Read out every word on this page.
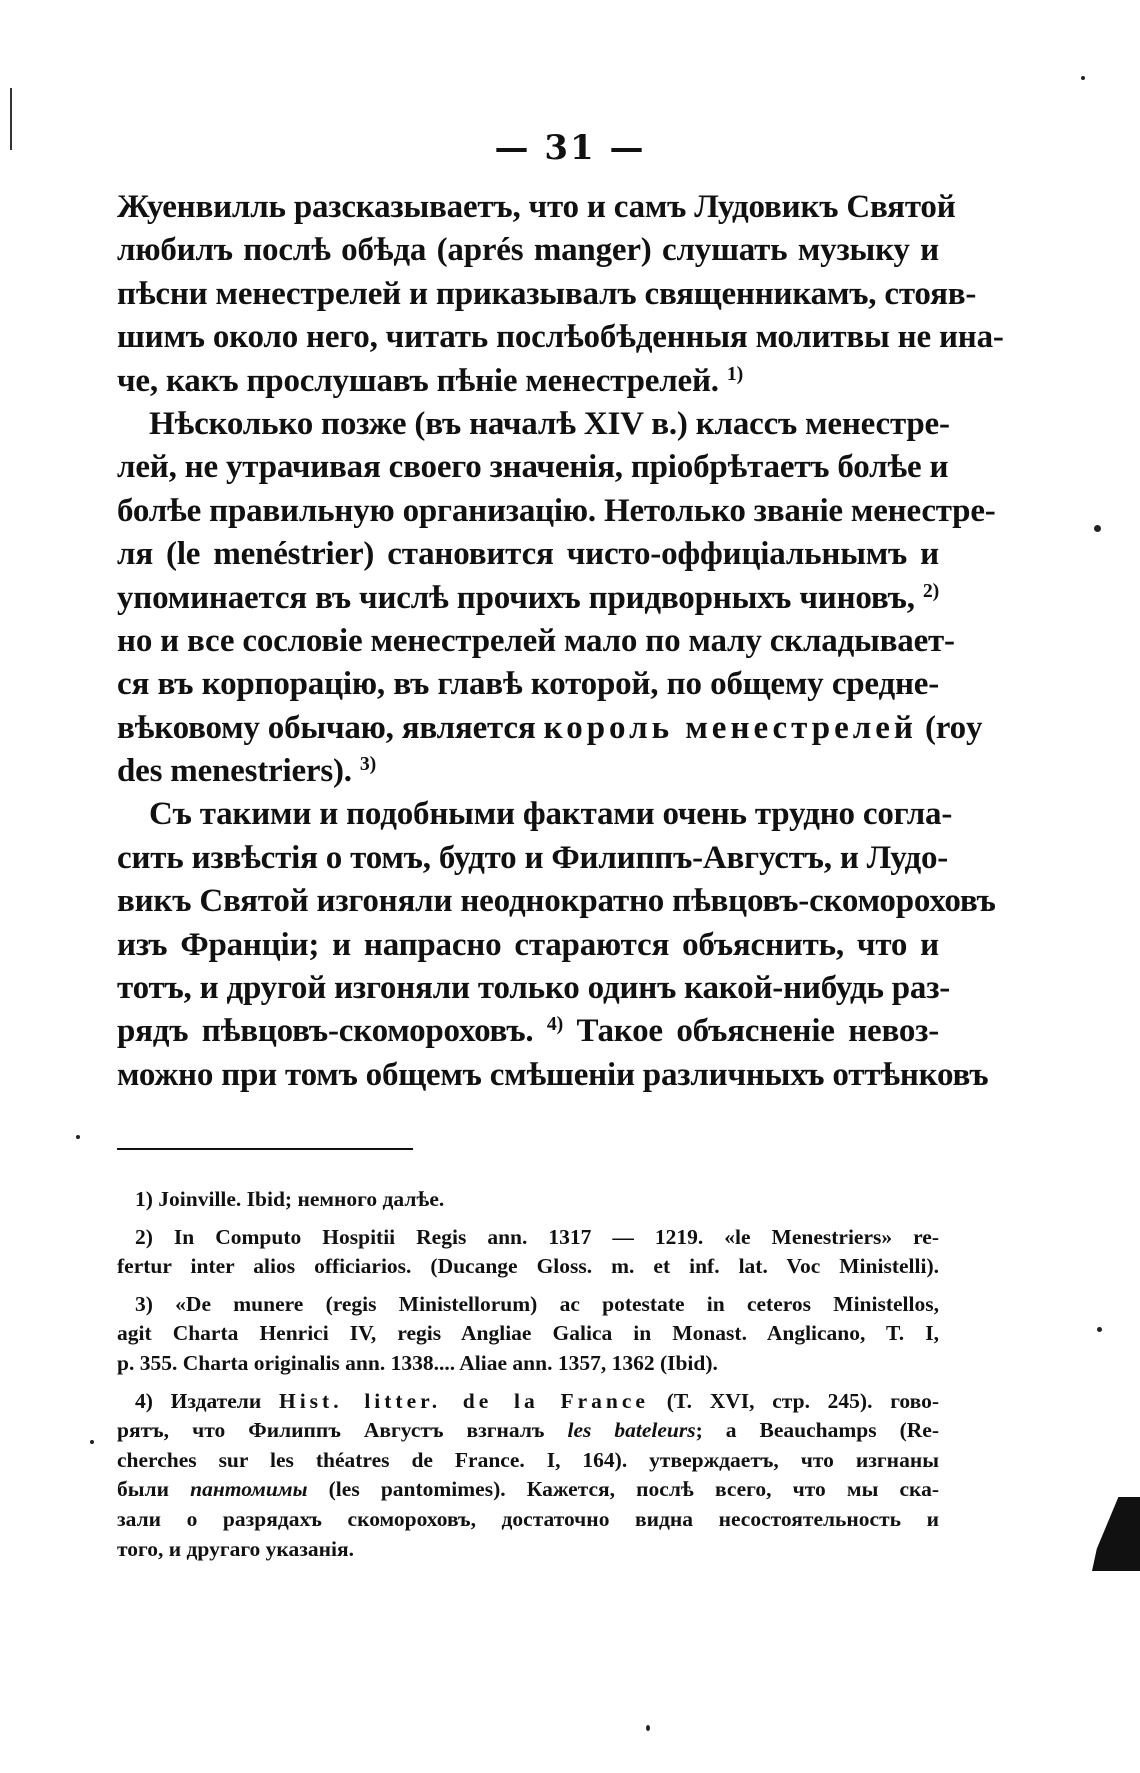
— 31 —
Жуенвилль разсказываетъ, что и самъ Лудовикъ Святой
любилъ послѣ обѣда (aprés manger) слушать музыку и
пѣсни менестрелей и приказывалъ священникамъ, стояв-
шимъ около него, читать послѣобѣденныя молитвы не ина-
че, какъ прослушавъ пѣніе менестрелей. $^{1)}$
Нѣсколько позже (въ началѣ XIV в.) классъ менестре-
лей, не утрачивая своего значенія, пріобрѣтаетъ болѣе и
болѣе правильную организацію. Нетолько званіе менестре-
ля (le menéstrier) становится чисто-оффиціальнымъ и
упоминается въ числѣ прочихъ придворныхъ чиновъ, $^{2)}$
но и все сословіе менестрелей мало по малу складывает-
ся въ корпорацію, въ главѣ которой, по общему средне-
вѣковому обычаю, является король менестрелей (roy
des menestriers). $^{3)}$
Съ такими и подобными фактами очень трудно согла-
сить извѣстія о томъ, будто и Филиппъ-Августъ, и Лудо-
викъ Святой изгоняли неоднократно пѣвцовъ-скомороховъ
изъ Франціи; и напрасно стараются объяснить, что и
тотъ, и другой изгоняли только одинъ какой-нибудь раз-
рядъ пѣвцовъ-скомороховъ. $^{4)}$ Такое объясненіе невоз-
можно при томъ общемъ смѣшеніи различныхъ оттѣнковъ
1) Joinville. Ibid; немного далѣе.
2) In Computo Hospitii Regis ann. 1317 — 1219. «le Menestriers» re-
fertur inter alios officiarios. (Ducange Gloss. m. et inf. lat. Voc Ministelli).
3) «De munere (regis Ministellorum) ac potestate in ceteros Ministellos,
agit Charta Henrici IV, regis Angliae Galica in Monast. Anglicano, T. I,
p. 355. Charta originalis ann. 1338.... Aliae ann. 1357, 1362 (Ibid).
4) Издатели Hist. litter. de la France (T. XVI, стр. 245). гово-
рятъ, что Филиппъ Августъ взгналъ les bateleurs; а Beauchamps (Re-
cherches sur les théatres de France. I, 164). утверждаетъ, что изгнаны
были пантомимы (les pantomimes). Кажется, послѣ всего, что мы ска-
зали о разрядахъ скомороховъ, достаточно видна несостоятельность и
того, и другаго указанія.
